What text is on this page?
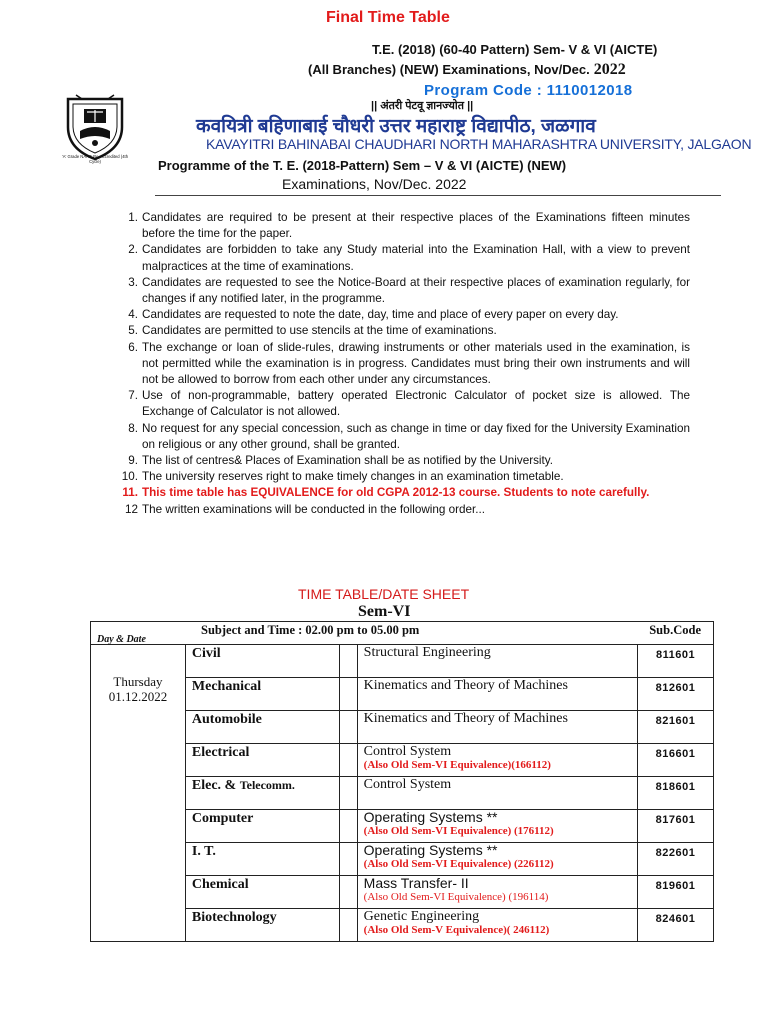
Final Time Table
T.E. (2018) (60-40 Pattern) Sem- V & VI (AICTE)
(All Branches) (NEW) Examinations, Nov/Dec. 2022
Program Code : 1110012018
'A' Grade NAAC Re-Accredited (4th Cycle)
|| अंतरी पेटवू ज्ञानज्योत ||
कवयित्री बहिणाबाई चौधरी उत्तर महाराष्ट्र विद्यापीठ, जळगाव
KAVAYITRI BAHINABAI CHAUDHARI NORTH MAHARASHTRA UNIVERSITY, JALGAON
Programme of the T. E. (2018-Pattern) Sem – V & VI (AICTE) (NEW)
Examinations, Nov/Dec. 2022
1. Candidates are required to be present at their respective places of the Examinations fifteen minutes before the time for the paper.
2. Candidates are forbidden to take any Study material into the Examination Hall, with a view to prevent malpractices at the time of examinations.
3. Candidates are requested to see the Notice-Board at their respective places of examination regularly, for changes if any notified later, in the programme.
4. Candidates are requested to note the date, day, time and place of every paper on every day.
5. Candidates are permitted to use stencils at the time of examinations.
6. The exchange or loan of slide-rules, drawing instruments or other materials used in the examination, is not permitted while the examination is in progress. Candidates must bring their own instruments and will not be allowed to borrow from each other under any circumstances.
7. Use of non-programmable, battery operated Electronic Calculator of pocket size is allowed. The Exchange of Calculator is not allowed.
8. No request for any special concession, such as change in time or day fixed for the University Examination on religious or any other ground, shall be granted.
9. The list of centres& Places of Examination shall be as notified by the University.
10. The university reserves right to make timely changes in an examination timetable.
11. This time table has EQUIVALENCE for old CGPA 2012-13 course. Students to note carefully.
12 The written examinations will be conducted in the following order...
TIME TABLE/DATE SHEET
Sem-VI
Day & Date
Subject and Time : 02.00 pm to 05.00 pm Sub.Code				

Thursday
01.12.2022	Civil		Structural Engineering	811601
	Mechanical		Kinematics and Theory of Machines	812601
	Automobile		Kinematics and Theory of Machines	821601
	Electrical		Control System
(Also Old Sem-VI Equivalence)(166112)	816601
	Elec. & Telecomm.		Control System	818601
	Computer		Operating Systems **
(Also Old Sem-VI Equivalence) (176112)	817601
	I. T.		Operating Systems **
(Also Old Sem-VI Equivalence) (226112)	822601
	Chemical		Mass Transfer- II
(Also Old Sem-VI Equivalence) (196114)	819601
	Biotechnology		Genetic Engineering
(Also Old Sem-V Equivalence)( 246112)	824601
